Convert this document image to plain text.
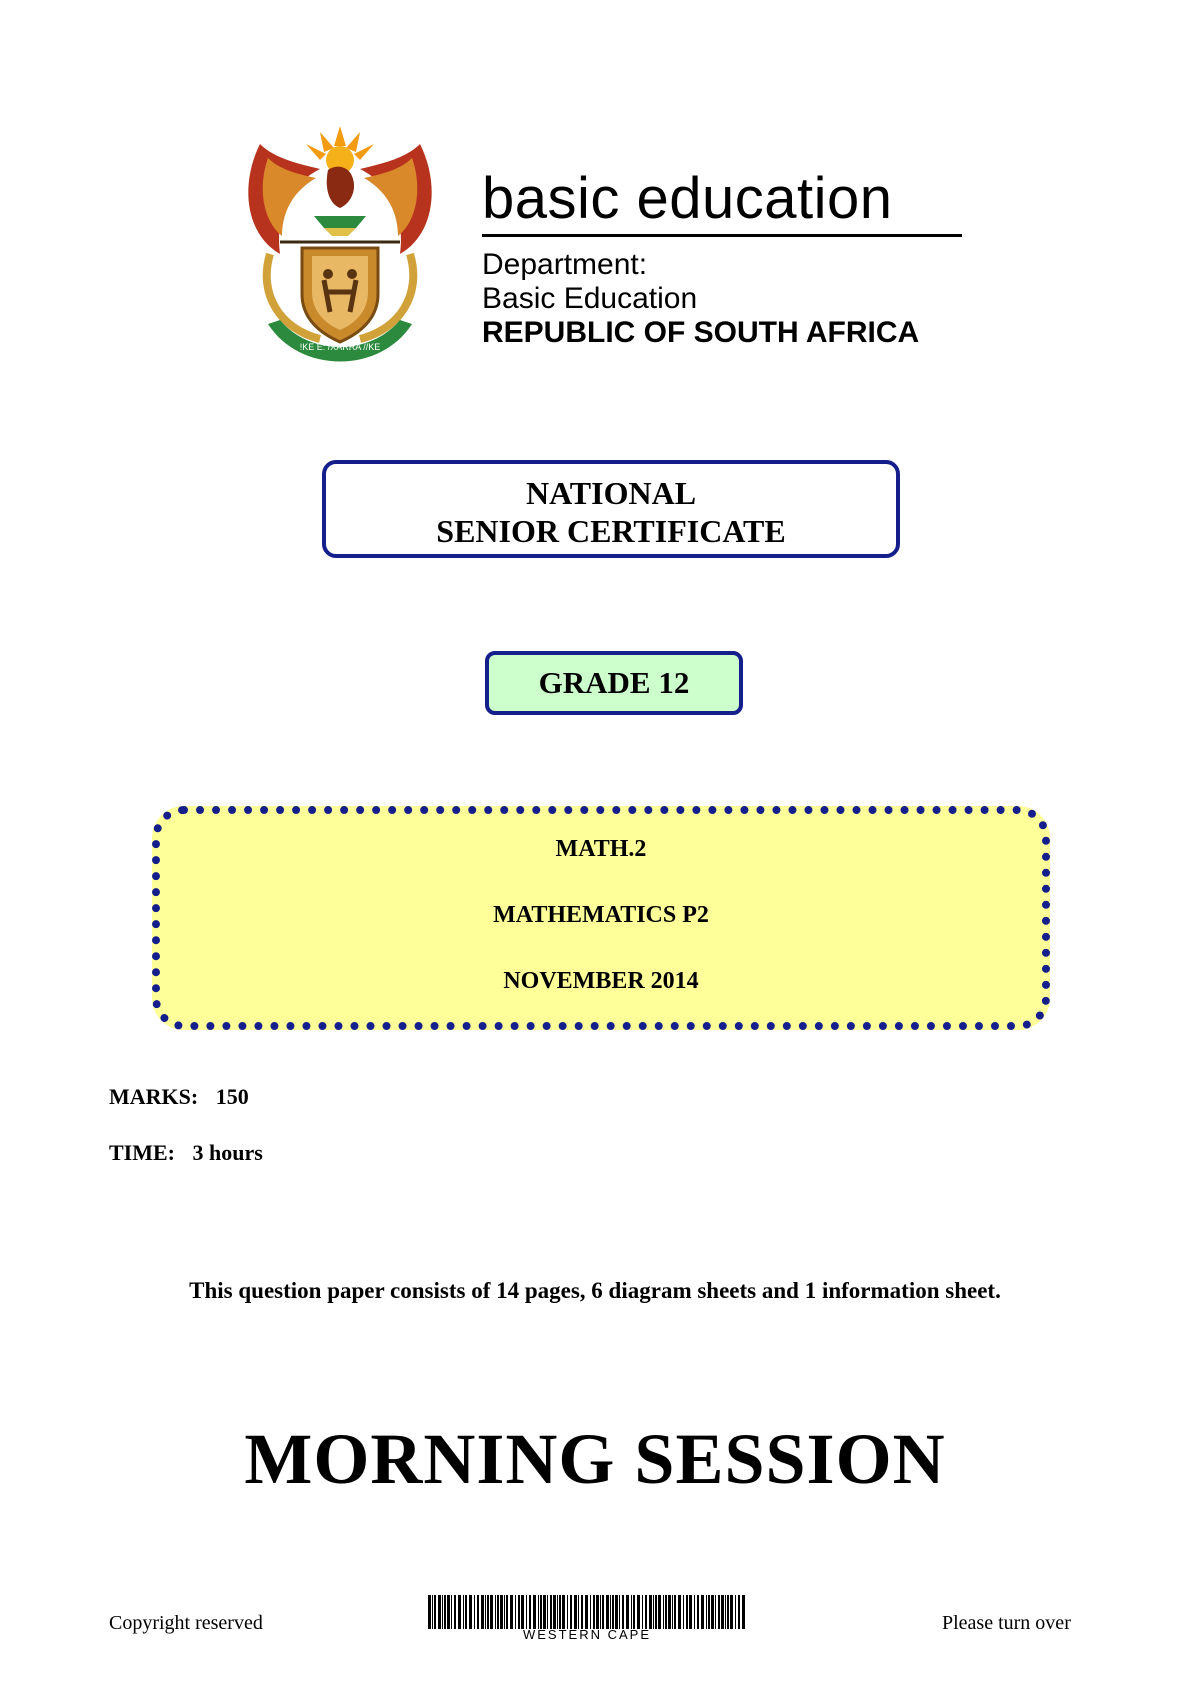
!KE E: /XARRA //KE
basic education
Department:
Basic Education
REPUBLIC OF SOUTH AFRICA
NATIONAL
SENIOR CERTIFICATE
GRADE 12
MATH.2
MATHEMATICS P2
NOVEMBER 2014
MARKS: 150
TIME: 3 hours
This question paper consists of 14 pages, 6 diagram sheets and 1 information sheet.
MORNING SESSION
Copyright reserved
WESTERN CAPE
Please turn over
